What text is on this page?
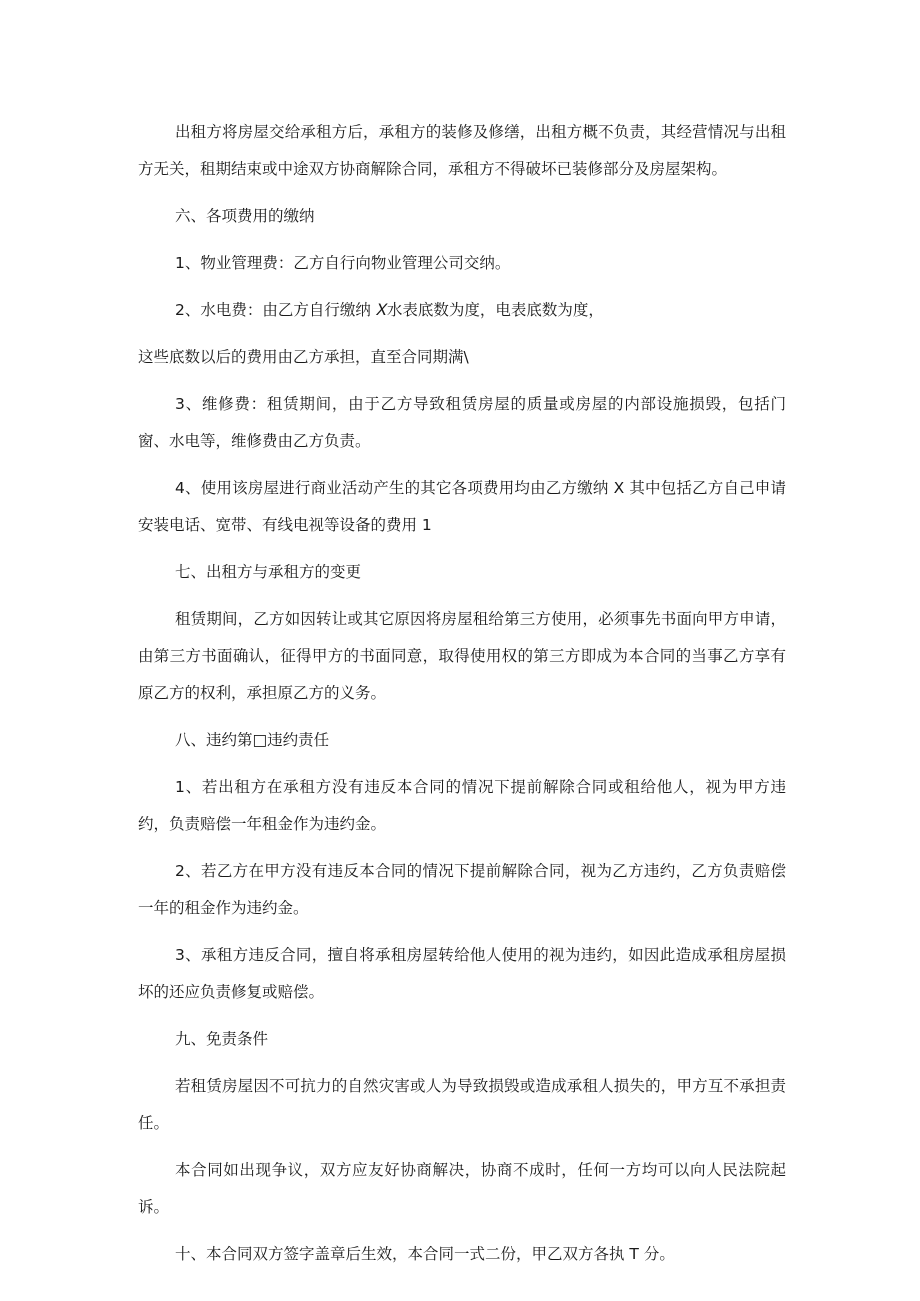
出租方将房屋交给承租方后，承租方的装修及修缮，出租方概不负责，其经营情况与出租方无关，租期结束或中途双方协商解除合同，承租方不得破坏已装修部分及房屋架构。

六、各项费用的缴纳

1、物业管理费：乙方自行向物业管理公司交纳。

2、水电费：由乙方自行缴纳 𝑋水表底数为度，电表底数为度，

这些底数以后的费用由乙方承担，直至合同期满\

3、维修费：租赁期间，由于乙方导致租赁房屋的质量或房屋的内部设施损毁，包括门窗、水电等，维修费由乙方负责。

4、使用该房屋进行商业活动产生的其它各项费用均由乙方缴纳 X 其中包括乙方自己申请安装电话、宽带、有线电视等设备的费用 1

七、出租方与承租方的变更

租赁期间，乙方如因转让或其它原因将房屋租给第三方使用，必须事先书面向甲方申请，由第三方书面确认，征得甲方的书面同意，取得使用权的第三方即成为本合同的当事乙方享有原乙方的权利，承担原乙方的义务。

八、违约第□违约责任

1、若出租方在承租方没有违反本合同的情况下提前解除合同或租给他人，视为甲方违约，负责赔偿一年租金作为违约金。

2、若乙方在甲方没有违反本合同的情况下提前解除合同，视为乙方违约，乙方负责赔偿一年的租金作为违约金。

3、承租方违反合同，擅自将承租房屋转给他人使用的视为违约，如因此造成承租房屋损坏的还应负责修复或赔偿。

九、免责条件

若租赁房屋因不可抗力的自然灾害或人为导致损毁或造成承租人损失的，甲方互不承担责任。

本合同如出现争议，双方应友好协商解决，协商不成时，任何一方均可以向人民法院起诉。

十、本合同双方签字盖章后生效，本合同一式二份，甲乙双方各执 T 分。
